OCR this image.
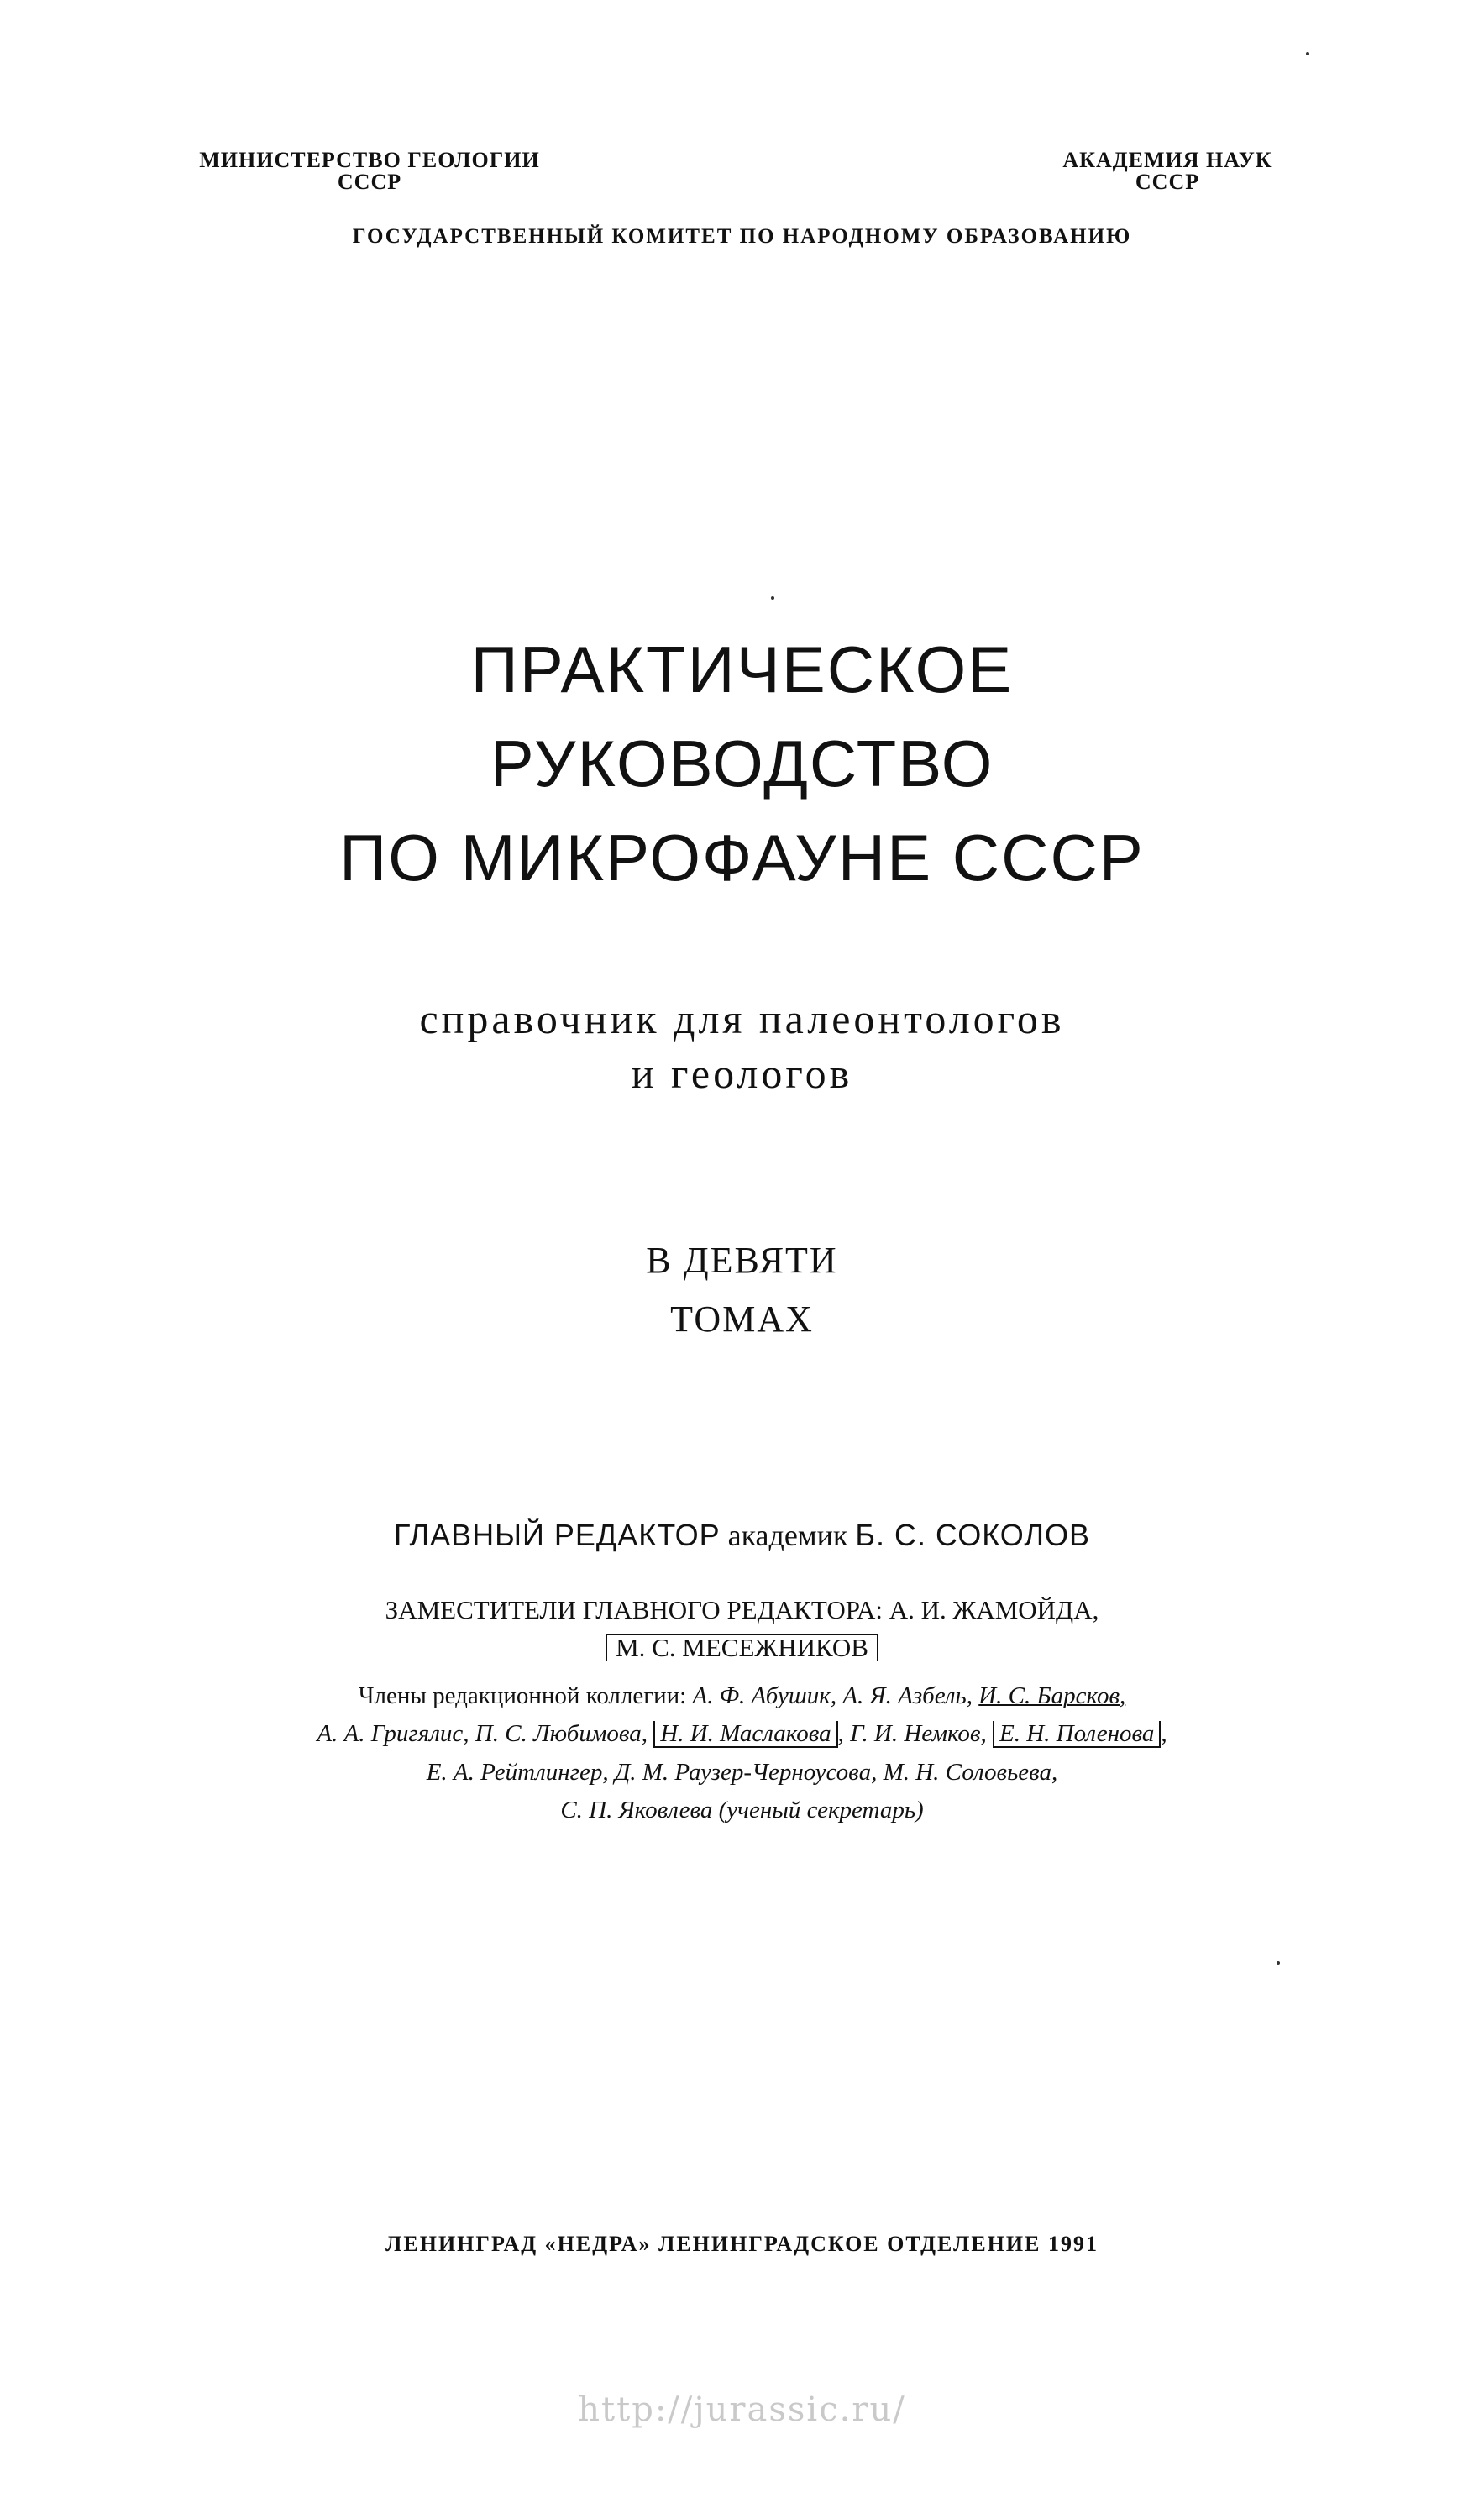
МИНИСТЕРСТВО ГЕОЛОГИИ
СССР
АКАДЕМИЯ НАУК
СССР
ГОСУДАРСТВЕННЫЙ КОМИТЕТ ПО НАРОДНОМУ ОБРАЗОВАНИЮ
ПРАКТИЧЕСКОЕ
РУКОВОДСТВО
ПО МИКРОФАУНЕ СССР
справочник для палеонтологов
и геологов
В ДЕВЯТИ
ТОМАХ
ГЛАВНЫЙ РЕДАКТОР академик Б. С. СОКОЛОВ
ЗАМЕСТИТЕЛИ ГЛАВНОГО РЕДАКТОРА: А. И. ЖАМОЙДА,
М. С. МЕСЕЖНИКОВ
Члены редакционной коллегии: А. Ф. Абушик, А. Я. Азбель, И. С. Барсков,
А. А. Григялис, П. С. Любимова, Н. И. Маслакова , Г. И. Немков, Е. Н. Поленова ,
Е. А. Рейтлингер, Д. М. Раузер-Черноусова, М. Н. Соловьева,
С. П. Яковлева (ученый секретарь)
ЛЕНИНГРАД «НЕДРА» ЛЕНИНГРАДСКОЕ ОТДЕЛЕНИЕ 1991
http://jurassic.ru/
